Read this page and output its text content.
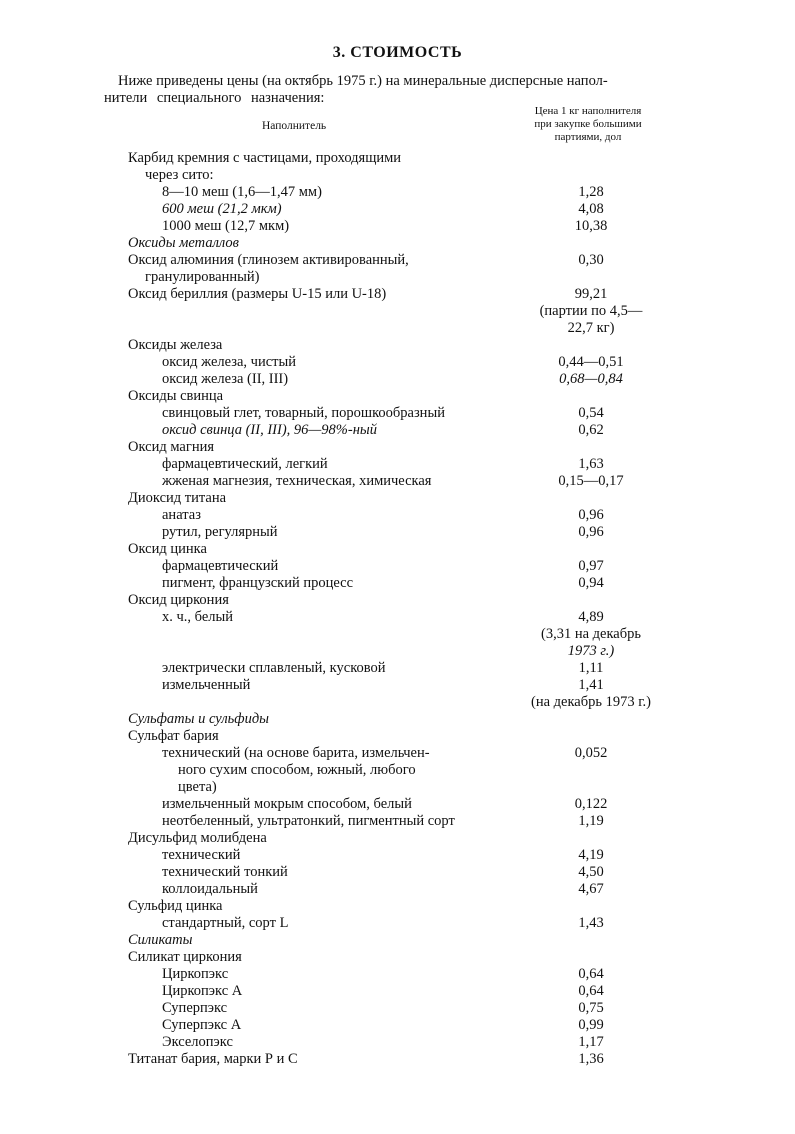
3. СТОИМОСТЬ

Ниже приведены цены (на октябрь 1975 г.) на минеральные дисперсные напол-
нители специального назначения:

Наполнитель
Цена 1 кг наполнителя
при закупке большими
партиями, дол
Карбид кремния с частицами, проходящими
через сито:
8—10 меш (1,6—1,47 мм)	1,28
600 меш (21,2 мкм)	4,08
1000 меш (12,7 мкм)	10,38
Оксиды металлов
Оксид алюминия (глинозем активированный,	0,30
гранулированный)
Оксид бериллия (размеры U-15 или U-18)	99,21
(партии по 4,5—
22,7 кг)
Оксиды железа
оксид железа, чистый	0,44—0,51
оксид железа (II, III)	0,68—0,84
Оксиды свинца
свинцовый глет, товарный, порошкообразный	0,54
оксид свинца (II, III), 96—98%-ный	0,62
Оксид магния
фармацевтический, легкий	1,63
жженая магнезия, техническая, химическая	0,15—0,17
Диоксид титана
анатаз	0,96
рутил, регулярный	0,96
Оксид цинка
фармацевтический	0,97
пигмент, французский процесс	0,94
Оксид циркония
х. ч., белый	4,89
(3,31 на декабрь
1973 г.)
электрически сплавленый, кусковой	1,11
измельченный	1,41
(на декабрь 1973 г.)
Сульфаты и сульфиды
Сульфат бария
технический (на основе барита, измельчен-	0,052
ного сухим способом, южный, любого
цвета)
измельченный мокрым способом, белый	0,122
неотбеленный, ультратонкий, пигментный сорт	1,19
Дисульфид молибдена
технический	4,19
технический тонкий	4,50
коллоидальный	4,67
Сульфид цинка
стандартный, сорт L	1,43
Силикаты
Силикат циркония
Циркопэкс	0,64
Циркопэкс А	0,64
Суперпэкс	0,75
Суперпэкс А	0,99
Экселопэкс	1,17
Титанат бария, марки Р и С	1,36
